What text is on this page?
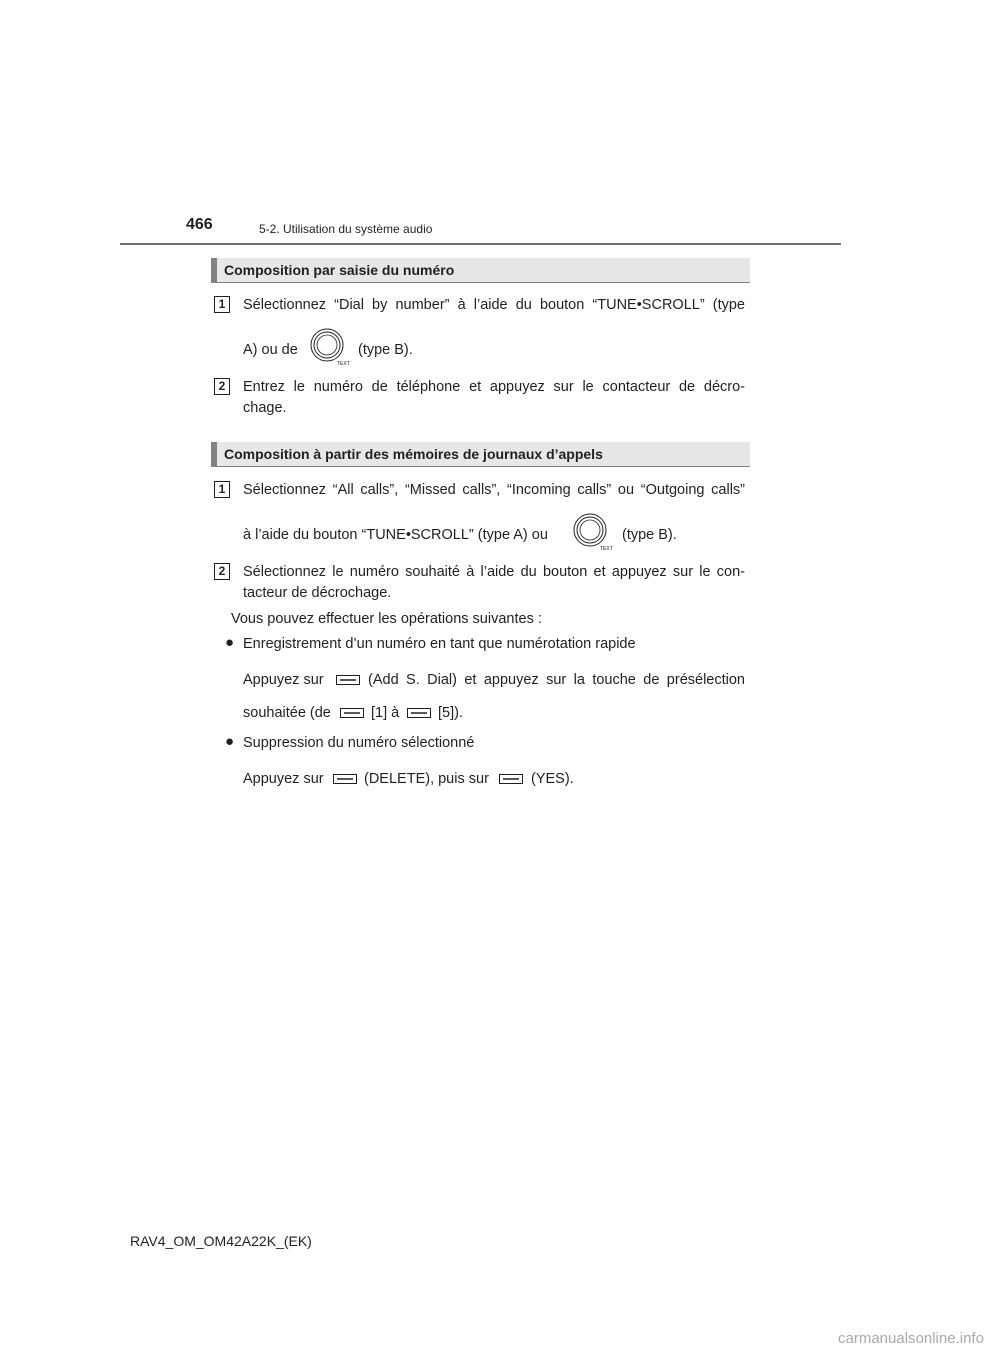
466	5-2. Utilisation du système audio
Composition par saisie du numéro
1	Sélectionnez “Dial by number” à l’aide du bouton “TUNE•SCROLL” (type
A) ou de
TEXT
(type B).
2	Entrez le numéro de téléphone et appuyez sur le contacteur de décro-
chage.
Composition à partir des mémoires de journaux d’appels
1	Sélectionnez “All calls”, “Missed calls”, “Incoming calls” ou “Outgoing calls”
à l’aide du bouton “TUNE•SCROLL” (type A) ou
TEXT
(type B).
2	Sélectionnez le numéro souhaité à l’aide du bouton et appuyez sur le con-
tacteur de décrochage.
Vous pouvez effectuer les opérations suivantes :
● Enregistrement d’un numéro en tant que numérotation rapide
Appuyez sur	(Add S. Dial) et appuyez sur la touche de présélection
souhaitée (de	[1] à	[5]).
● Suppression du numéro sélectionné
Appuyez sur	(DELETE), puis sur	(YES).
RAV4_OM_OM42A22K_(EK)
carmanualsonline.info
